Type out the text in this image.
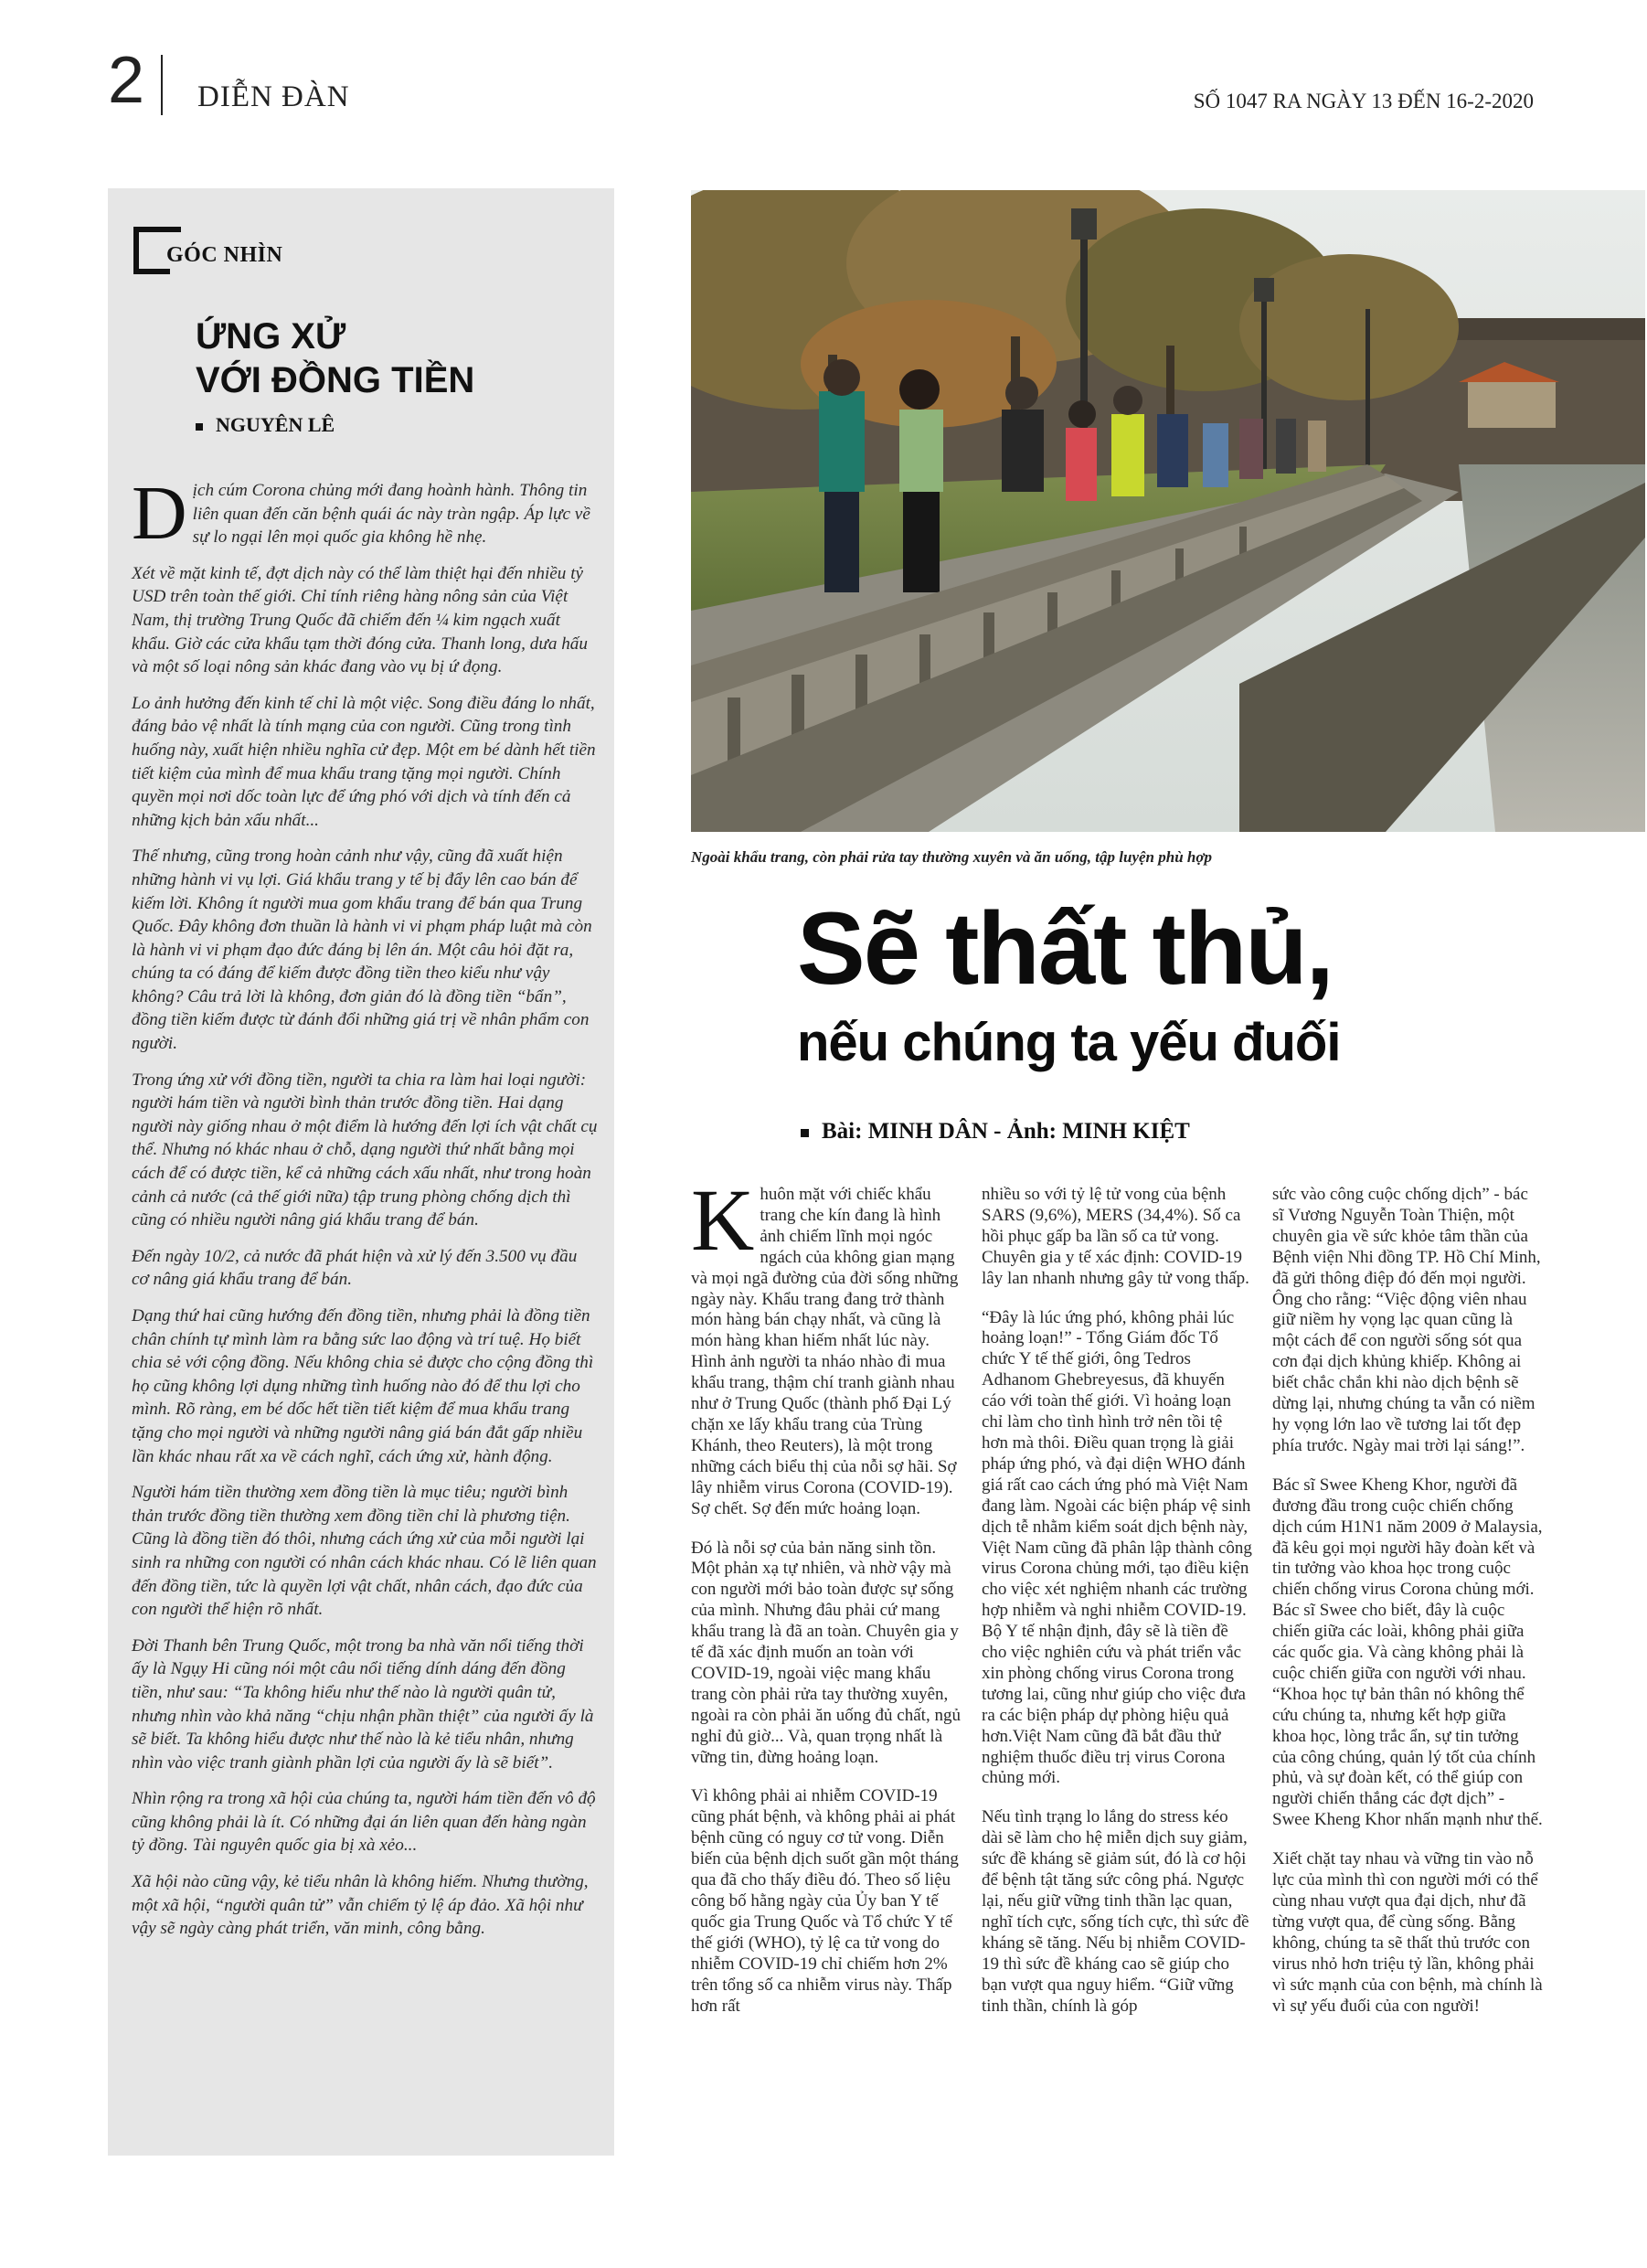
2 DIỄN ĐÀN	SỐ 1047 RA NGÀY 13 ĐẾN 16-2-2020
GÓC NHÌN
ỨNG XỬ
VỚI ĐỒNG TIỀN
NGUYÊN LÊ

Dịch cúm Corona chủng mới đang hoành hành. Thông tin liên quan đến căn bệnh quái ác này tràn ngập. Áp lực về sự lo ngại lên mọi quốc gia không hề nhẹ.

Xét về mặt kinh tế, đợt dịch này có thể làm thiệt hại đến nhiều tỷ USD trên toàn thế giới. Chỉ tính riêng hàng nông sản của Việt Nam, thị trường Trung Quốc đã chiếm đến ¼ kim ngạch xuất khẩu. Giờ các cửa khẩu tạm thời đóng cửa. Thanh long, dưa hấu và một số loại nông sản khác đang vào vụ bị ứ đọng.

Lo ảnh hưởng đến kinh tế chỉ là một việc. Song điều đáng lo nhất, đáng bảo vệ nhất là tính mạng của con người. Cũng trong tình huống này, xuất hiện nhiều nghĩa cử đẹp. Một em bé dành hết tiền tiết kiệm của mình để mua khẩu trang tặng mọi người. Chính quyền mọi nơi dốc toàn lực để ứng phó với dịch và tính đến cả những kịch bản xấu nhất...

Thế nhưng, cũng trong hoàn cảnh như vậy, cũng đã xuất hiện những hành vi vụ lợi. Giá khẩu trang y tế bị đẩy lên cao bán để kiếm lời. Không ít người mua gom khẩu trang để bán qua Trung Quốc. Đây không đơn thuần là hành vi vi phạm pháp luật mà còn là hành vi vi phạm đạo đức đáng bị lên án. Một câu hỏi đặt ra, chúng ta có đáng để kiếm được đồng tiền theo kiểu như vậy không? Câu trả lời là không, đơn giản đó là đồng tiền “bẩn”, đồng tiền kiếm được từ đánh đổi những giá trị về nhân phẩm con người.

Trong ứng xử với đồng tiền, người ta chia ra làm hai loại người: người hám tiền và người bình thản trước đồng tiền. Hai dạng người này giống nhau ở một điểm là hướng đến lợi ích vật chất cụ thể. Nhưng nó khác nhau ở chỗ, dạng người thứ nhất bằng mọi cách để có được tiền, kể cả những cách xấu nhất, như trong hoàn cảnh cả nước (cả thế giới nữa) tập trung phòng chống dịch thì cũng có nhiều người nâng giá khẩu trang để bán.

Đến ngày 10/2, cả nước đã phát hiện và xử lý đến 3.500 vụ đầu cơ nâng giá khẩu trang để bán.

Dạng thứ hai cũng hướng đến đồng tiền, nhưng phải là đồng tiền chân chính tự mình làm ra bằng sức lao động và trí tuệ. Họ biết chia sẻ với cộng đồng. Nếu không chia sẻ được cho cộng đồng thì họ cũng không lợi dụng những tình huống nào đó để thu lợi cho mình. Rõ ràng, em bé dốc hết tiền tiết kiệm để mua khẩu trang tặng cho mọi người và những người nâng giá bán đắt gấp nhiều lần khác nhau rất xa về cách nghĩ, cách ứng xử, hành động.

Người hám tiền thường xem đồng tiền là mục tiêu; người bình thản trước đồng tiền thường xem đồng tiền chỉ là phương tiện. Cũng là đồng tiền đó thôi, nhưng cách ứng xử của mỗi người lại sinh ra những con người có nhân cách khác nhau. Có lẽ liên quan đến đồng tiền, tức là quyền lợi vật chất, nhân cách, đạo đức của con người thể hiện rõ nhất.

Đời Thanh bên Trung Quốc, một trong ba nhà văn nổi tiếng thời ấy là Ngụy Hi cũng nói một câu nổi tiếng dính dáng đến đồng tiền, như sau: “Ta không hiểu như thế nào là người quân tử, nhưng nhìn vào khả năng “chịu nhận phần thiệt” của người ấy là sẽ biết. Ta không hiểu được như thế nào là kẻ tiểu nhân, nhưng nhìn vào việc tranh giành phần lợi của người ấy là sẽ biết”.

Nhìn rộng ra trong xã hội của chúng ta, người hám tiền đến vô độ cũng không phải là ít. Có những đại án liên quan đến hàng ngàn tỷ đồng. Tài nguyên quốc gia bị xà xẻo...

Xã hội nào cũng vậy, kẻ tiểu nhân là không hiếm. Nhưng thường, một xã hội, “người quân tử” vẫn chiếm tỷ lệ áp đảo. Xã hội như vậy sẽ ngày càng phát triển, văn minh, công bằng.

Ngoài khẩu trang, còn phải rửa tay thường xuyên và ăn uống, tập luyện phù hợp
Sẽ thất thủ,
nếu chúng ta yếu đuối
Bài: MINH DÂN - Ảnh: MINH KIỆT

Khuôn mặt với chiếc khẩu trang che kín đang là hình ảnh chiếm lĩnh mọi ngóc ngách của không gian mạng và mọi ngã đường của đời sống những ngày này. Khẩu trang đang trở thành món hàng bán chạy nhất, và cũng là món hàng khan hiếm nhất lúc này. Hình ảnh người ta nháo nhào đi mua khẩu trang, thậm chí tranh giành nhau như ở Trung Quốc (thành phố Đại Lý chặn xe lấy khẩu trang của Trùng Khánh, theo Reuters), là một trong những cách biểu thị của nỗi sợ hãi. Sợ lây nhiễm virus Corona (COVID-19). Sợ chết. Sợ đến mức hoảng loạn.

Đó là nỗi sợ của bản năng sinh tồn. Một phản xạ tự nhiên, và nhờ vậy mà con người mới bảo toàn được sự sống của mình. Nhưng đâu phải cứ mang khẩu trang là đã an toàn. Chuyên gia y tế đã xác định muốn an toàn với COVID-19, ngoài việc mang khẩu trang còn phải rửa tay thường xuyên, ngoài ra còn phải ăn uống đủ chất, ngủ nghỉ đủ giờ... Và, quan trọng nhất là vững tin, đừng hoảng loạn.

Vì không phải ai nhiễm COVID-19 cũng phát bệnh, và không phải ai phát bệnh cũng có nguy cơ tử vong. Diễn biến của bệnh dịch suốt gần một tháng qua đã cho thấy điều đó. Theo số liệu công bố hằng ngày của Ủy ban Y tế quốc gia Trung Quốc và Tổ chức Y tế thế giới (WHO), tỷ lệ ca tử vong do nhiễm COVID-19 chỉ chiếm hơn 2% trên tổng số ca nhiễm virus này. Thấp hơn rất

nhiều so với tỷ lệ tử vong của bệnh SARS (9,6%), MERS (34,4%). Số ca hồi phục gấp ba lần số ca tử vong. Chuyên gia y tế xác định: COVID-19 lây lan nhanh nhưng gây tử vong thấp.

“Đây là lúc ứng phó, không phải lúc hoảng loạn!” - Tổng Giám đốc Tổ chức Y tế thế giới, ông Tedros Adhanom Ghebreyesus, đã khuyến cáo với toàn thế giới. Vì hoảng loạn chỉ làm cho tình hình trở nên tồi tệ hơn mà thôi. Điều quan trọng là giải pháp ứng phó, và đại diện WHO đánh giá rất cao cách ứng phó mà Việt Nam đang làm. Ngoài các biện pháp vệ sinh dịch tễ nhằm kiểm soát dịch bệnh này, Việt Nam cũng đã phân lập thành công virus Corona chủng mới, tạo điều kiện cho việc xét nghiệm nhanh các trường hợp nhiễm và nghi nhiễm COVID-19. Bộ Y tế nhận định, đây sẽ là tiền đề cho việc nghiên cứu và phát triển vắc xin phòng chống virus Corona trong tương lai, cũng như giúp cho việc đưa ra các biện pháp dự phòng hiệu quả hơn.Việt Nam cũng đã bắt đầu thử nghiệm thuốc điều trị virus Corona chủng mới.

Nếu tình trạng lo lắng do stress kéo dài sẽ làm cho hệ miễn dịch suy giảm, sức đề kháng sẽ giảm sút, đó là cơ hội để bệnh tật tăng sức công phá. Ngược lại, nếu giữ vững tinh thần lạc quan, nghĩ tích cực, sống tích cực, thì sức đề kháng sẽ tăng. Nếu bị nhiễm COVID-19 thì sức đề kháng cao sẽ giúp cho bạn vượt qua nguy hiểm. “Giữ vững tinh thần, chính là góp

sức vào công cuộc chống dịch” - bác sĩ Vương Nguyễn Toàn Thiện, một chuyên gia về sức khỏe tâm thần của Bệnh viện Nhi đồng TP. Hồ Chí Minh, đã gửi thông điệp đó đến mọi người. Ông cho rằng: “Việc động viên nhau giữ niềm hy vọng lạc quan cũng là một cách để con người sống sót qua cơn đại dịch khủng khiếp. Không ai biết chắc chắn khi nào dịch bệnh sẽ dừng lại, nhưng chúng ta vẫn có niềm hy vọng lớn lao về tương lai tốt đẹp phía trước. Ngày mai trời lại sáng!”.

Bác sĩ Swee Kheng Khor, người đã đương đầu trong cuộc chiến chống dịch cúm H1N1 năm 2009 ở Malaysia, đã kêu gọi mọi người hãy đoàn kết và tin tưởng vào khoa học trong cuộc chiến chống virus Corona chủng mới. Bác sĩ Swee cho biết, đây là cuộc chiến giữa các loài, không phải giữa các quốc gia. Và càng không phải là cuộc chiến giữa con người với nhau. “Khoa học tự bản thân nó không thể cứu chúng ta, nhưng kết hợp giữa khoa học, lòng trắc ẩn, sự tin tưởng của công chúng, quản lý tốt của chính phủ, và sự đoàn kết, có thể giúp con người chiến thắng các đợt dịch” - Swee Kheng Khor nhấn mạnh như thế.

Xiết chặt tay nhau và vững tin vào nỗ lực của mình thì con người mới có thể cùng nhau vượt qua đại dịch, như đã từng vượt qua, để cùng sống. Bằng không, chúng ta sẽ thất thủ trước con virus nhỏ hơn triệu tỷ lần, không phải vì sức mạnh của con bệnh, mà chính là vì sự yếu đuối của con người!
